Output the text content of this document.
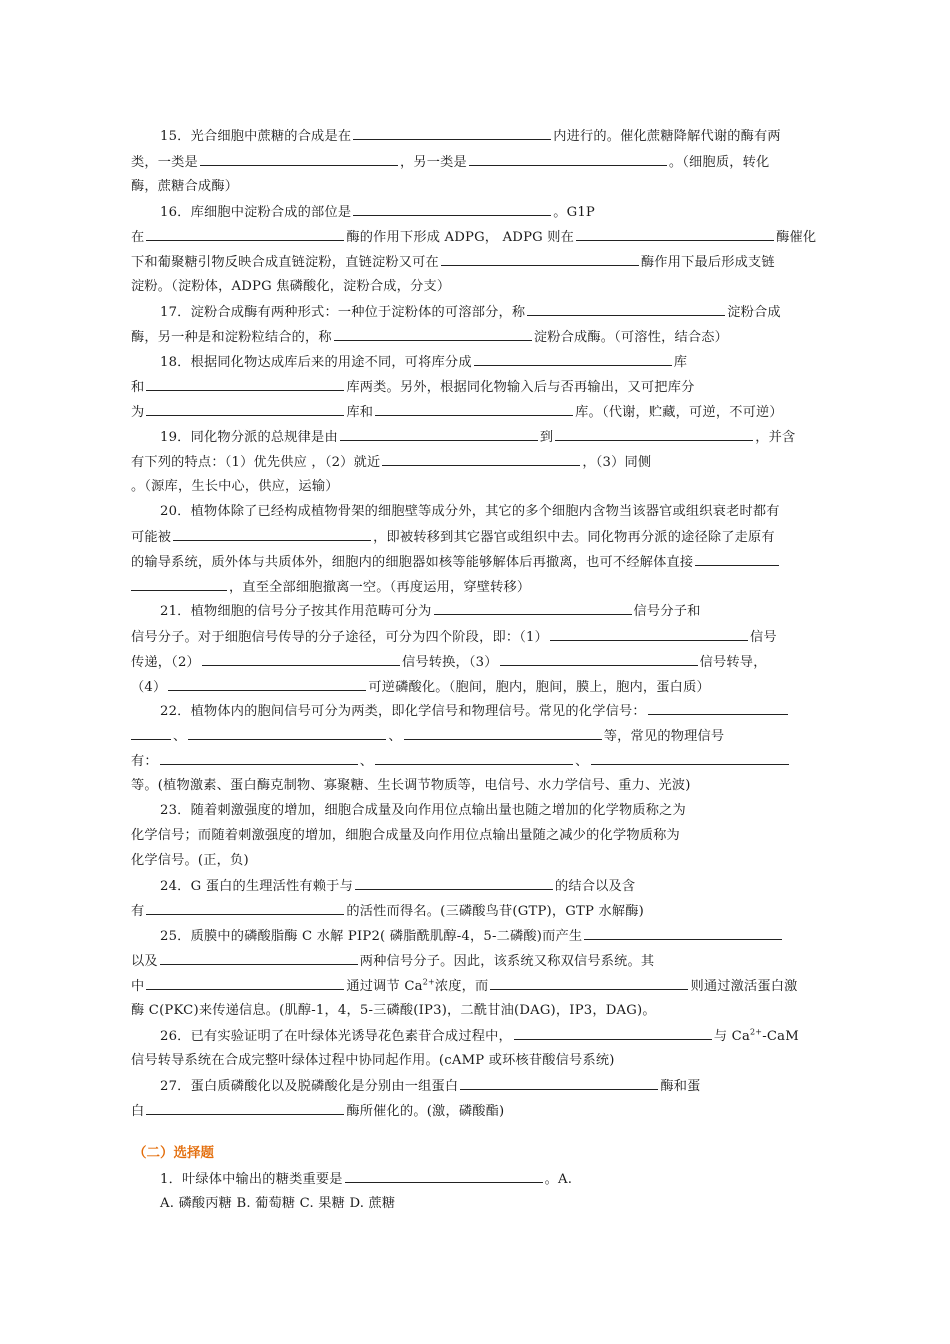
15．光合细胞中蔗糖的合成是在	内进行的。催化蔗糖降解代谢的酶有两
类，一类是	，另一类是	。（细胞质，转化
酶，蔗糖合成酶）
16．库细胞中淀粉合成的部位是	。G1P
在	酶的作用下形成 ADPG， ADPG 则在	酶催化
下和葡聚糖引物反映合成直链淀粉，直链淀粉又可在	酶作用下最后形成支链
淀粉。（淀粉体，ADPG 焦磷酸化，淀粉合成，分支）
17．淀粉合成酶有两种形式：一种位于淀粉体的可溶部分，称	淀粉合成
酶，另一种是和淀粉粒结合的，称	淀粉合成酶。（可溶性，结合态）
18．根据同化物达成库后来的用途不同，可将库分成	库
和	库两类。另外，根据同化物输入后与否再输出，又可把库分
为	库和	库。（代谢，贮藏，可逆，不可逆）
19．同化物分派的总规律是由	到	，并含
有下列的特点：（1）优先供应 ，（2）就近	，（3）同侧
。（源库，生长中心，供应，运输）
20．植物体除了已经构成植物骨架的细胞壁等成分外，其它的多个细胞内含物当该器官或组织衰老时都有
可能被	，即被转移到其它器官或组织中去。同化物再分派的途径除了走原有
的输导系统，质外体与共质体外，细胞内的细胞器如核等能够解体后再撤离，也可不经解体直接
，直至全部细胞撤离一空。（再度运用，穿壁转移）
21．植物细胞的信号分子按其作用范畴可分为	信号分子和
信号分子。对于细胞信号传导的分子途径，可分为四个阶段，即：（1）	信号
传递，（2）	信号转换，（3）	信号转导，
（4）	可逆磷酸化。（胞间，胞内，胞间，膜上，胞内，蛋白质）
22．植物体内的胞间信号可分为两类，即化学信号和物理信号。常见的化学信号：
、	、	等，常见的物理信号
有：	、	、
等。(植物激素、蛋白酶克制物、寡聚糖、生长调节物质等，电信号、水力学信号、重力、光波)
23．随着刺激强度的增加，细胞合成量及向作用位点输出量也随之增加的化学物质称之为
化学信号；而随着刺激强度的增加，细胞合成量及向作用位点输出量随之减少的化学物质称为
化学信号。(正，负)
24．G 蛋白的生理活性有赖于与	的结合以及含
有	的活性而得名。(三磷酸鸟苷(GTP)，GTP 水解酶)
25．质膜中的磷酸脂酶 C 水解 PIP2( 磷脂酰肌醇-4，5-二磷酸)而产生
以及	两种信号分子。因此，该系统又称双信号系统。其
中	通过调节 $Ca^{2+}$浓度，而	则通过激活蛋白激
酶 C(PKC)来传递信息。(肌醇-1，4，5-三磷酸(IP3)，二酰甘油(DAG)，IP3，DAG)。
26．已有实验证明了在叶绿体光诱导花色素苷合成过程中，	与 $Ca^{2+}$-CaM
信号转导系统在合成完整叶绿体过程中协同起作用。(cAMP 或环核苷酸信号系统)
27．蛋白质磷酸化以及脱磷酸化是分别由一组蛋白	酶和蛋
白	酶所催化的。(激，磷酸酯)
（二）选择题
1．叶绿体中输出的糖类重要是	。A.
A. 磷酸丙糖 B. 葡萄糖 C. 果糖 D. 蔗糖
